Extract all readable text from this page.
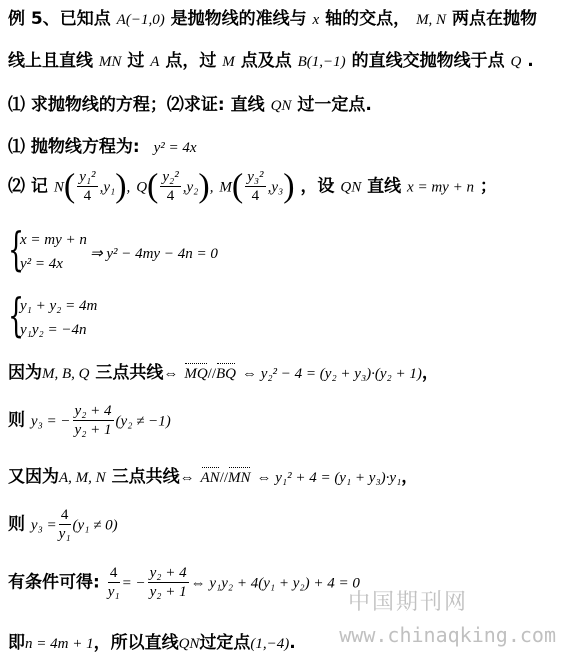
例 5、已知点 A(−1,0) 是抛物线的准线与 x 轴的交点， M, N 两点在抛物
线上且直线 MN 过 A 点，过 M 点及点 B(1,−1) 的直线交抛物线于点 Q .
⑴ 求抛物线的方程；⑵求证: 直线 QN 过一定点.
⑴ 抛物线方程为: y² = 4x
⑵ 记 $N( \frac{\text{y₁²}}{4} ,y_1)$, $Q( \frac{\text{y₂²}}{4} ,y_2)$, $M( \frac{\text{y₃²}}{4} ,y_3)$ ，设 QN 直线 x = my + n ；
{
x = my + n
y² = 4x
⇒ y² − 4my − 4n = 0
{
y₁ + y₂ = 4m
y₁y₂ = −4n
因为M, B, Q 三点共线⇔ MQ//BQ ⇔ y₂² − 4 = (y₂ + y₃)·(y₂ + 1)，
则 y₃ = − $\frac{\text{y₂ + 4}}{\text{y₂ + 1}} (y_2 \ne -1)$
又因为A, M, N 三点共线⇔ AN//MN ⇔ y₁² + 4 = (y₁ + y₃)·y₁，
则 $y_3 = \frac{4}{\text{y₁}} (y_1 \ne 0)$
有条件可得: $\frac{4}{\text{y₁}}$ = − $\frac{\text{y₂ + 4}}{\text{y₂ + 1}}$ ⇔ y₁y₂ + 4(y₁ + y₂) + 4 = 0
即n = 4m + 1，所以直线QN过定点(1,−4).
中国期刊网
www.chinaqking.com
